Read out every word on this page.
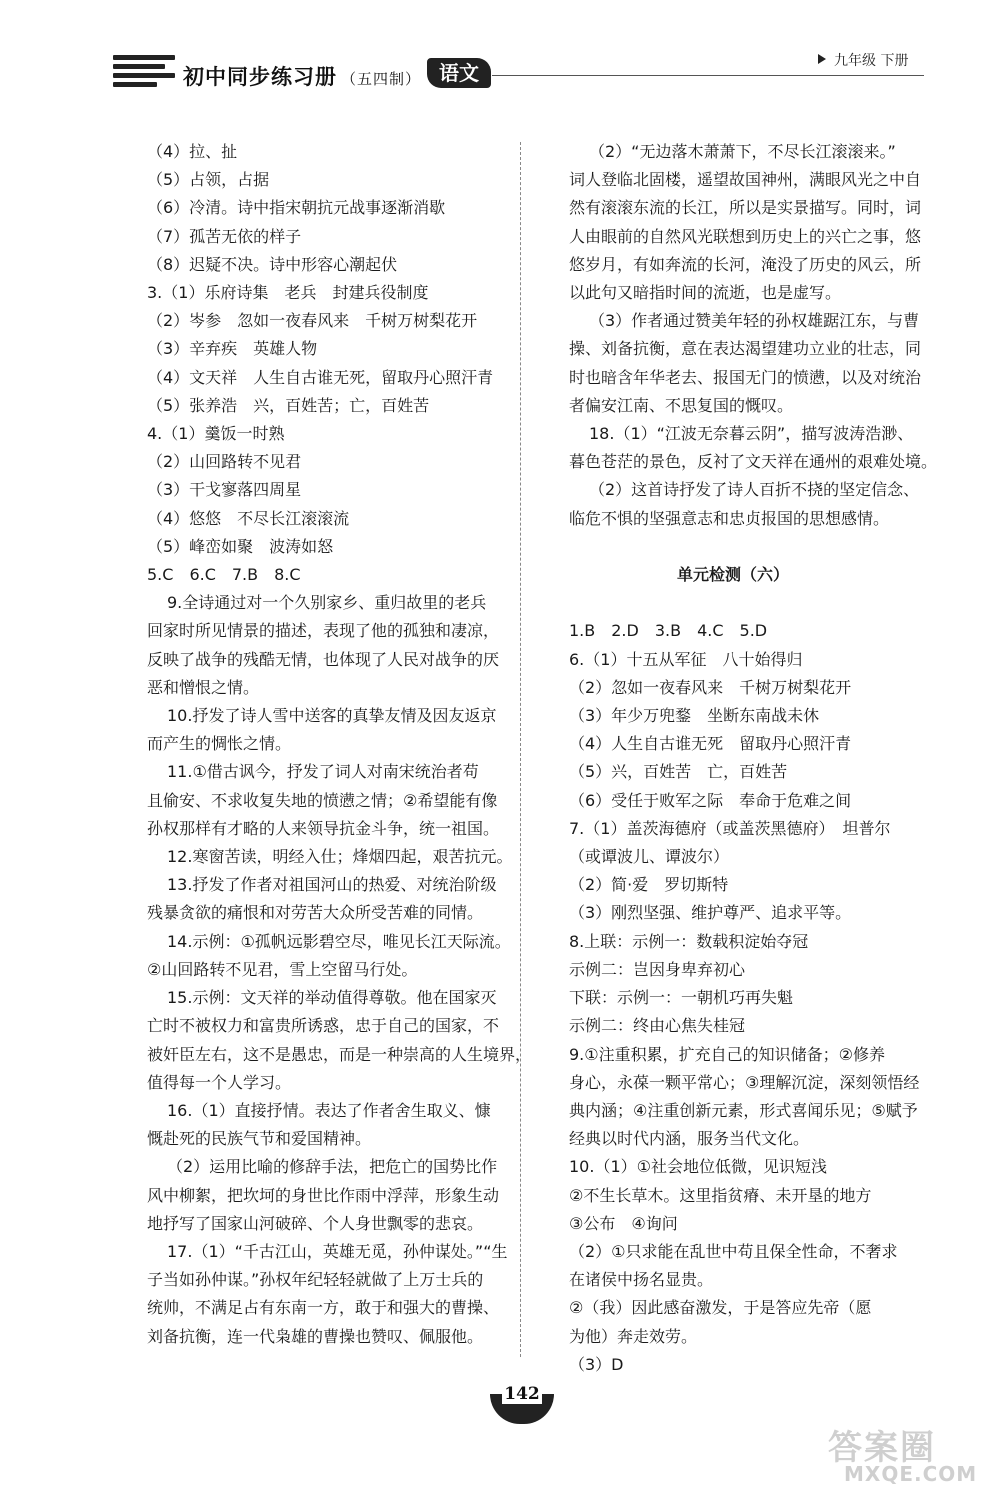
初中同步练习册 （五四制） 语文	九年级 下册
（4）拉、扯
（5）占领，占据
（6）冷清。诗中指宋朝抗元战事逐渐消歇
（7）孤苦无依的样子
（8）迟疑不决。诗中形容心潮起伏
3.（1）乐府诗集　老兵　封建兵役制度
（2）岑参　忽如一夜春风来　千树万树梨花开
（3）辛弃疾　英雄人物
（4）文天祥　人生自古谁无死，留取丹心照汗青
（5）张养浩　兴，百姓苦；亡，百姓苦
4.（1）羹饭一时熟
（2）山回路转不见君
（3）干戈寥落四周星
（4）悠悠　不尽长江滚滚流
（5）峰峦如聚　波涛如怒
5.C　6.C　7.B　8.C
9.全诗通过对一个久别家乡、重归故里的老兵
回家时所见情景的描述，表现了他的孤独和凄凉，
反映了战争的残酷无情，也体现了人民对战争的厌
恶和憎恨之情。
10.抒发了诗人雪中送客的真挚友情及因友返京
而产生的惆怅之情。
11.①借古讽今，抒发了词人对南宋统治者苟
且偷安、不求收复失地的愤懑之情；②希望能有像
孙权那样有才略的人来领导抗金斗争，统一祖国。
12.寒窗苦读，明经入仕；烽烟四起，艰苦抗元。
13.抒发了作者对祖国河山的热爱、对统治阶级
残暴贪欲的痛恨和对劳苦大众所受苦难的同情。
14.示例：①孤帆远影碧空尽，唯见长江天际流。
②山回路转不见君，雪上空留马行处。
15.示例：文天祥的举动值得尊敬。他在国家灭
亡时不被权力和富贵所诱惑，忠于自己的国家，不
被奸臣左右，这不是愚忠，而是一种崇高的人生境界，
值得每一个人学习。
16.（1）直接抒情。表达了作者舍生取义、慷
慨赴死的民族气节和爱国精神。
（2）运用比喻的修辞手法，把危亡的国势比作
风中柳絮，把坎坷的身世比作雨中浮萍，形象生动
地抒写了国家山河破碎、个人身世飘零的悲哀。
17.（1）“千古江山，英雄无觅，孙仲谋处。”“生
子当如孙仲谋。”孙权年纪轻轻就做了上万士兵的
统帅，不满足占有东南一方，敢于和强大的曹操、
刘备抗衡，连一代枭雄的曹操也赞叹、佩服他。
（2）“无边落木萧萧下，不尽长江滚滚来。”
词人登临北固楼，遥望故国神州，满眼风光之中自
然有滚滚东流的长江，所以是实景描写。同时，词
人由眼前的自然风光联想到历史上的兴亡之事，悠
悠岁月，有如奔流的长河，淹没了历史的风云，所
以此句又暗指时间的流逝，也是虚写。
（3）作者通过赞美年轻的孙权雄踞江东，与曹
操、刘备抗衡，意在表达渴望建功立业的壮志，同
时也暗含年华老去、报国无门的愤懑，以及对统治
者偏安江南、不思复国的慨叹。
18.（1）“江波无奈暮云阴”，描写波涛浩渺、
暮色苍茫的景色，反衬了文天祥在通州的艰难处境。
（2）这首诗抒发了诗人百折不挠的坚定信念、
临危不惧的坚强意志和忠贞报国的思想感情。

单元检测（六）

1.B　2.D　3.B　4.C　5.D
6.（1）十五从军征　八十始得归
（2）忽如一夜春风来　千树万树梨花开
（3）年少万兜鍪　坐断东南战未休
（4）人生自古谁无死　留取丹心照汗青
（5）兴，百姓苦　亡，百姓苦
（6）受任于败军之际　奉命于危难之间
7.（1）盖茨海德府（或盖茨黑德府）　坦普尔
（或谭波儿、谭波尔）
（2）简·爱　罗切斯特
（3）刚烈坚强、维护尊严、追求平等。
8.上联：示例一：数载积淀始夺冠
示例二：岂因身卑弃初心
下联：示例一：一朝机巧再失魁
示例二：终由心焦失桂冠
9.①注重积累，扩充自己的知识储备；②修养
身心，永葆一颗平常心；③理解沉淀，深刻领悟经
典内涵；④注重创新元素，形式喜闻乐见；⑤赋予
经典以时代内涵，服务当代文化。
10.（1）①社会地位低微，见识短浅
②不生长草木。这里指贫瘠、未开垦的地方
③公布　④询问
（2）①只求能在乱世中苟且保全性命，不奢求
在诸侯中扬名显贵。
②（我）因此感奋激发，于是答应先帝（愿
为他）奔走效劳。
（3）D
142
答案圈
MXQE.COM
